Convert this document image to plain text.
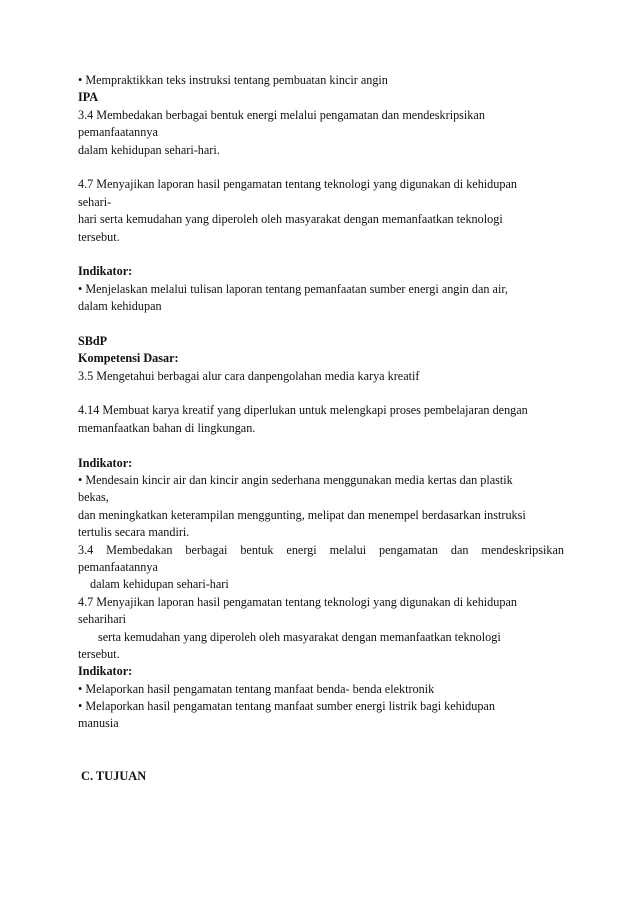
• Mempraktikkan teks instruksi tentang pembuatan kincir angin
IPA
3.4 Membedakan berbagai bentuk energi melalui pengamatan dan mendeskripsikan
pemanfaatannya
dalam kehidupan sehari-hari.
4.7 Menyajikan laporan hasil pengamatan tentang teknologi yang digunakan di kehidupan
sehari-
hari serta kemudahan yang diperoleh oleh masyarakat dengan memanfaatkan teknologi
tersebut.
Indikator:
• Menjelaskan melalui tulisan laporan tentang pemanfaatan sumber energi angin dan air,
dalam kehidupan
SBdP
Kompetensi Dasar:
3.5 Mengetahui berbagai alur cara danpengolahan media karya kreatif
4.14 Membuat karya kreatif yang diperlukan untuk melengkapi proses pembelajaran dengan
memanfaatkan bahan di lingkungan.
Indikator:
• Mendesain kincir air dan kincir angin sederhana menggunakan media kertas dan plastik
bekas,
dan meningkatkan keterampilan menggunting, melipat dan menempel berdasarkan instruksi
tertulis secara mandiri.
3.4 Membedakan berbagai bentuk energi melalui pengamatan dan mendeskripsikan
pemanfaatannya
dalam kehidupan sehari-hari
4.7 Menyajikan laporan hasil pengamatan tentang teknologi yang digunakan di kehidupan
seharihari
serta kemudahan yang diperoleh oleh masyarakat dengan memanfaatkan teknologi
tersebut.
Indikator:
• Melaporkan hasil pengamatan tentang manfaat benda- benda elektronik
• Melaporkan hasil pengamatan tentang manfaat sumber energi listrik bagi kehidupan
manusia
C. TUJUAN
